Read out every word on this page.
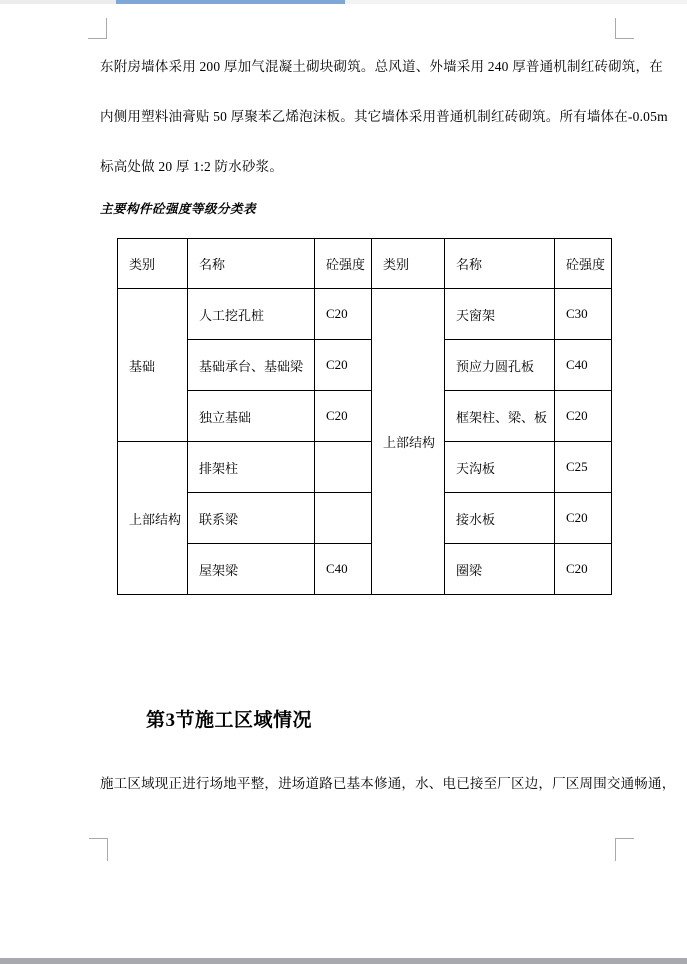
东附房墙体采用 200 厚加气混凝土砌块砌筑。总风道、外墙采用 240 厚普通机制红砖砌筑，在
内侧用塑料油膏贴 50 厚聚苯乙烯泡沫板。其它墙体采用普通机制红砖砌筑。所有墙体在-0.05m
标高处做 20 厚 1:2 防水砂浆。
主要构件砼强度等级分类表
类别	名称	砼强度	类别	名称	砼强度
基础	人工挖孔桩	C20	上部结构	天窗架	C30
	基础承台、基础梁	C20		预应力圆孔板	C40
	独立基础	C20		框架柱、梁、板	C20
上部结构	排架柱			天沟板	C25
	联系梁			接水板	C20
	屋架梁	C40		圈梁	C20
第3节施工区域情况
施工区域现正进行场地平整，进场道路已基本修通，水、电已接至厂区边，厂区周围交通畅通，
